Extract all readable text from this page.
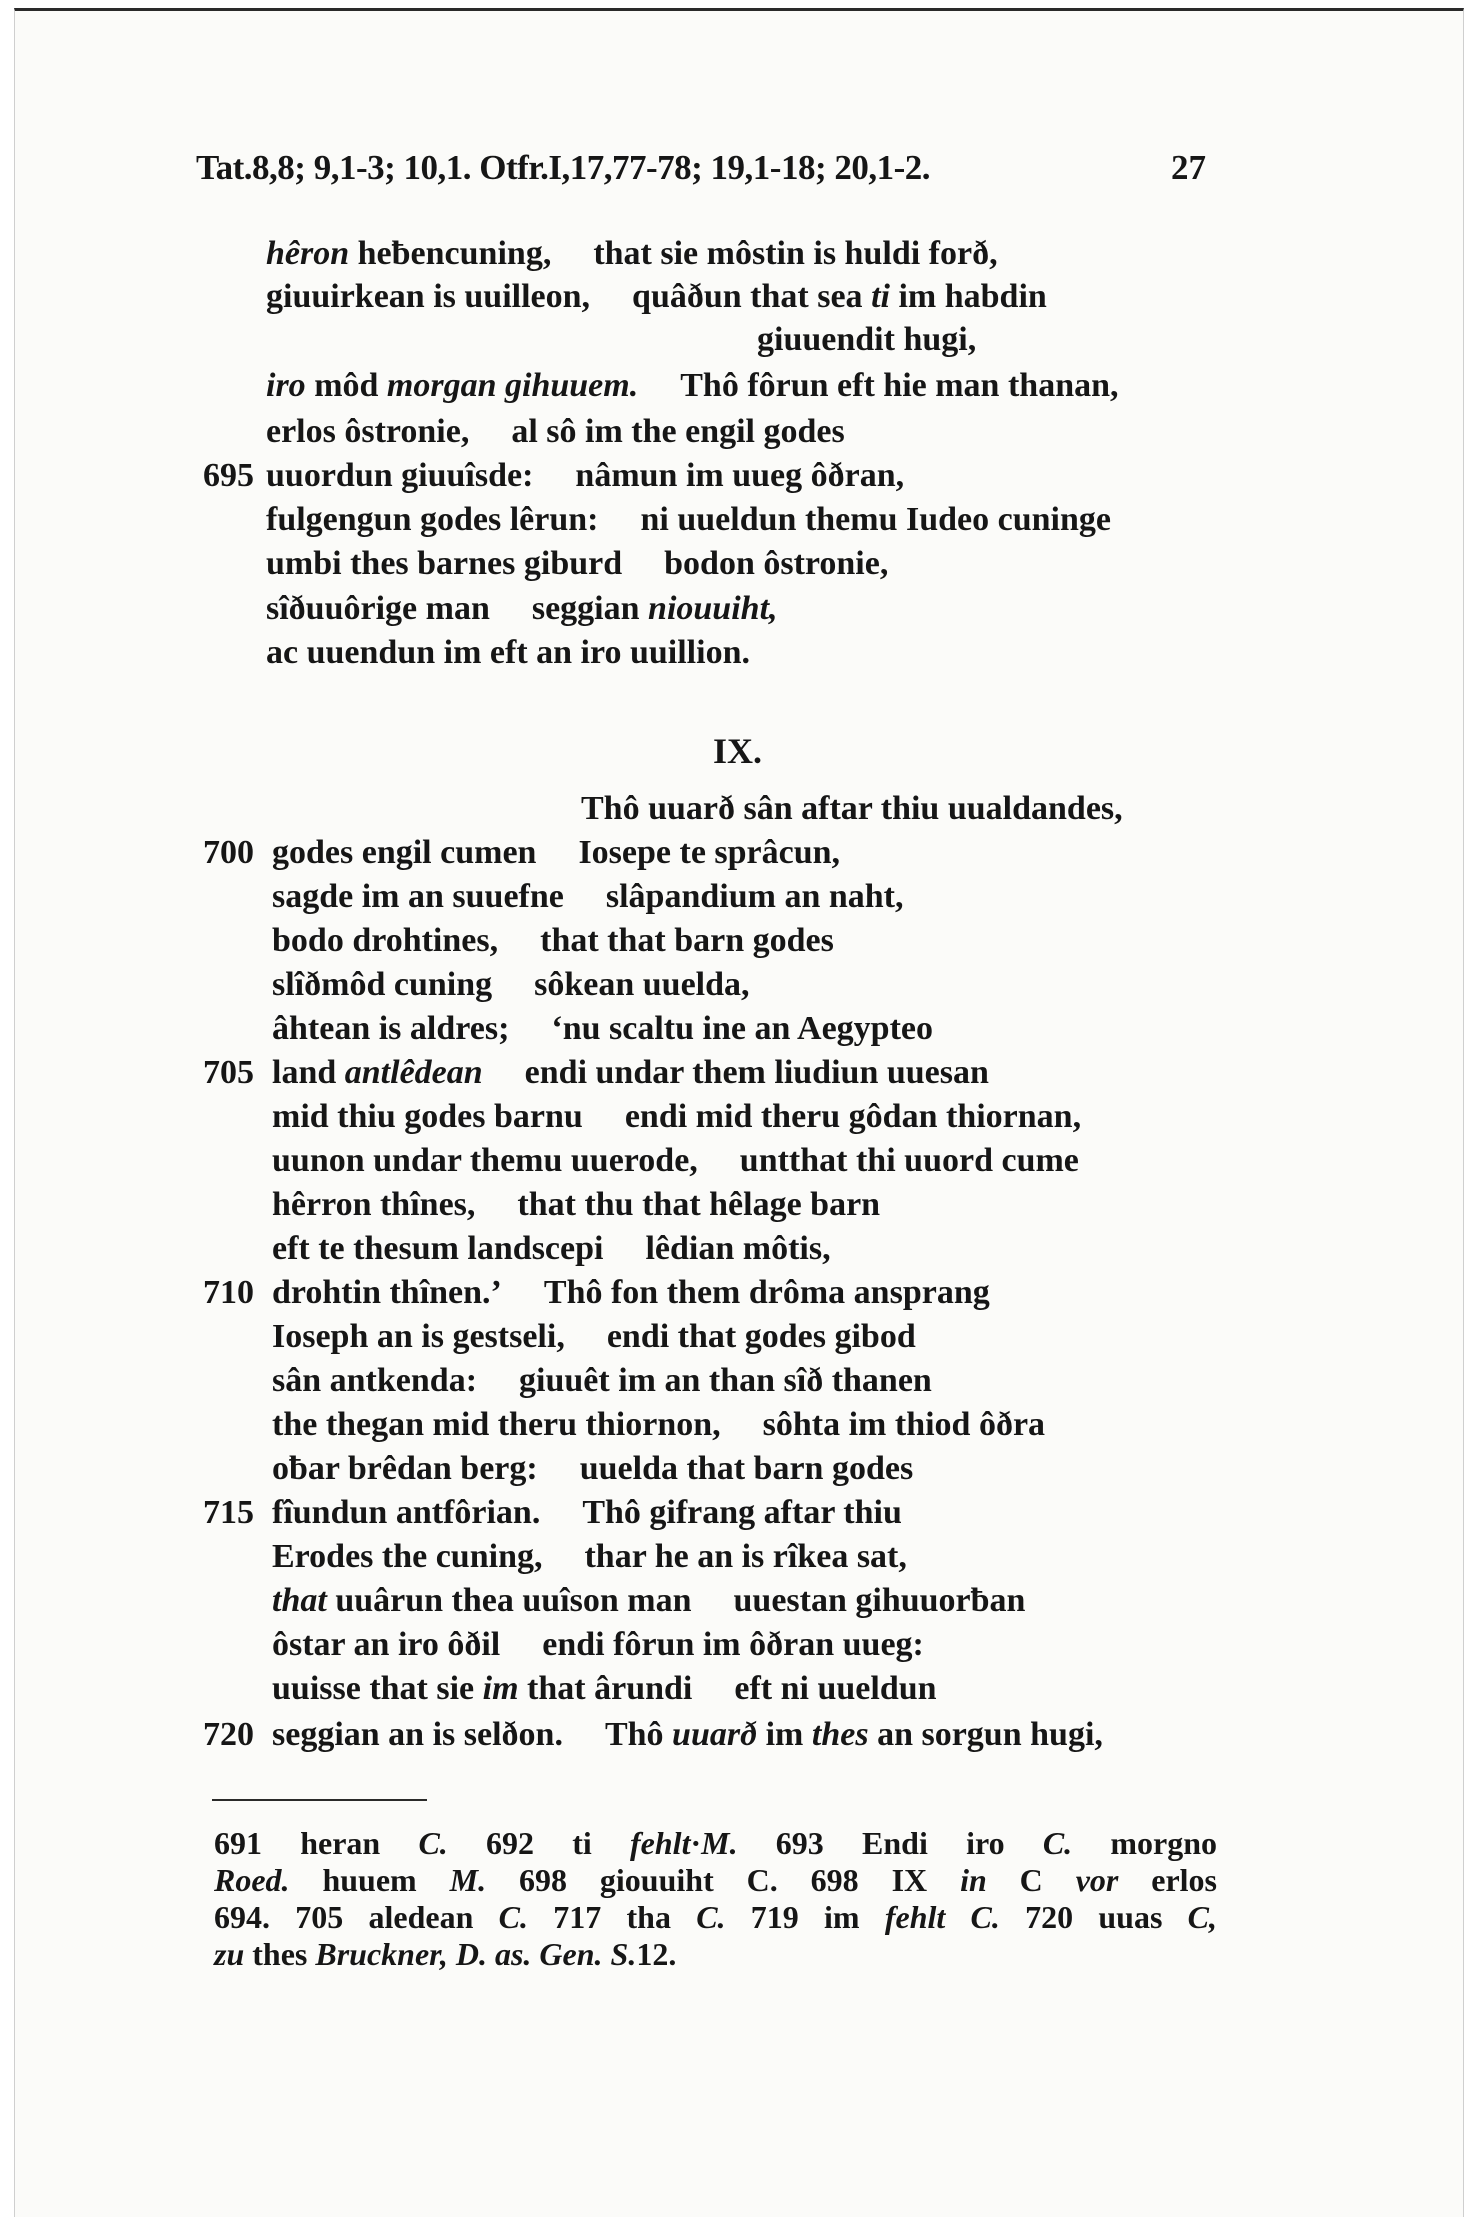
Tat.8,8; 9,1-3; 10,1. Otfr.I,17,77-78; 19,1-18; 20,1-2.	27
IX.
hêron heƀencuning, that sie môstin is huldi forð,
giuuirkean is uuilleon, quâðun that sea ti im habdin
giuuendit hugi,
iro môd morgan gihuuem. Thô fôrun eft hie man thanan,
erlos ôstronie, al sô im the engil godes
695 uuordun giuuîsde: nâmun im uueg ôðran,
fulgengun godes lêrun: ni uueldun themu Iudeo cuninge
umbi thes barnes giburd bodon ôstronie,
sîðuuôrige man seggian niouuiht,
ac uuendun im eft an iro uuillion.
Thô uuarð sân aftar thiu uualdandes,
700 godes engil cumen Iosepe te sprâcun,
sagde im an suuefne slâpandium an naht,
bodo drohtines, that that barn godes
slîðmôd cuning sôkean uuelda,
âhtean is aldres; ‘nu scaltu ine an Aegypteo
705 land antlêdean endi undar them liudiun uuesan
mid thiu godes barnu endi mid theru gôdan thiornan,
uunon undar themu uuerode, untthat thi uuord cume
hêrron thînes, that thu that hêlage barn
eft te thesum landscepi lêdian môtis,
710 drohtin thînen.’ Thô fon them drôma ansprang
Ioseph an is gestseli, endi that godes gibod
sân antkenda: giuuêt im an than sîð thanen
the thegan mid theru thiornon, sôhta im thiod ôðra
oƀar brêdan berg: uuelda that barn godes
715 fîundun antfôrian. Thô gifrang aftar thiu
Erodes the cuning, thar he an is rîkea sat,
that uuârun thea uuîson man uuestan gihuuorƀan
ôstar an iro ôðil endi fôrun im ôðran uueg:
uuisse that sie im that ârundi eft ni uueldun
720 seggian an is selðon. Thô uuarð im thes an sorgun hugi,
691 heran C. 692 ti fehlt·M. 693 Endi iro C. morgno
Roed. huuem M. 698 giouuiht C. 698 IX in C vor erlos
694. 705 aledean C. 717 tha C. 719 im fehlt C. 720 uuas C,
zu thes Bruckner, D. as. Gen. S.12.
